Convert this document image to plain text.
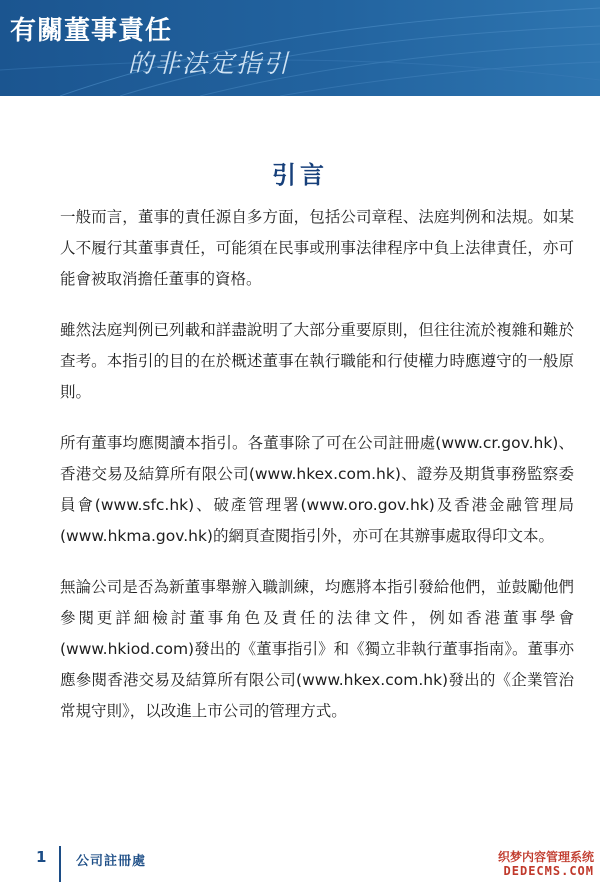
有關董事責任
的非法定指引
引言

一般而言，董事的責任源自多方面，包括公司章程、法庭判例和法規。如某人不履行其董事責任，可能須在民事或刑事法律程序中負上法律責任，亦可能會被取消擔任董事的資格。

雖然法庭判例已列載和詳盡說明了大部分重要原則，但往往流於複雜和難於查考。本指引的目的在於概述董事在執行職能和行使權力時應遵守的一般原則。

所有董事均應閱讀本指引。各董事除了可在公司註冊處(www.cr.gov.hk)、香港交易及結算所有限公司(www.hkex.com.hk)、證券及期貨事務監察委員會(www.sfc.hk)、破產管理署(www.oro.gov.hk)及香港金融管理局(www.hkma.gov.hk)的網頁查閱指引外，亦可在其辦事處取得印文本。

無論公司是否為新董事舉辦入職訓練，均應將本指引發給他們，並鼓勵他們參閱更詳細檢討董事角色及責任的法律文件，例如香港董事學會(www.hkiod.com)發出的《董事指引》和《獨立非執行董事指南》。董事亦應參閱香港交易及結算所有限公司(www.hkex.com.hk)發出的《企業管治常規守則》，以改進上市公司的管理方式。

1 公司註冊處	织梦内容管理系统
DEDECMS.COM
